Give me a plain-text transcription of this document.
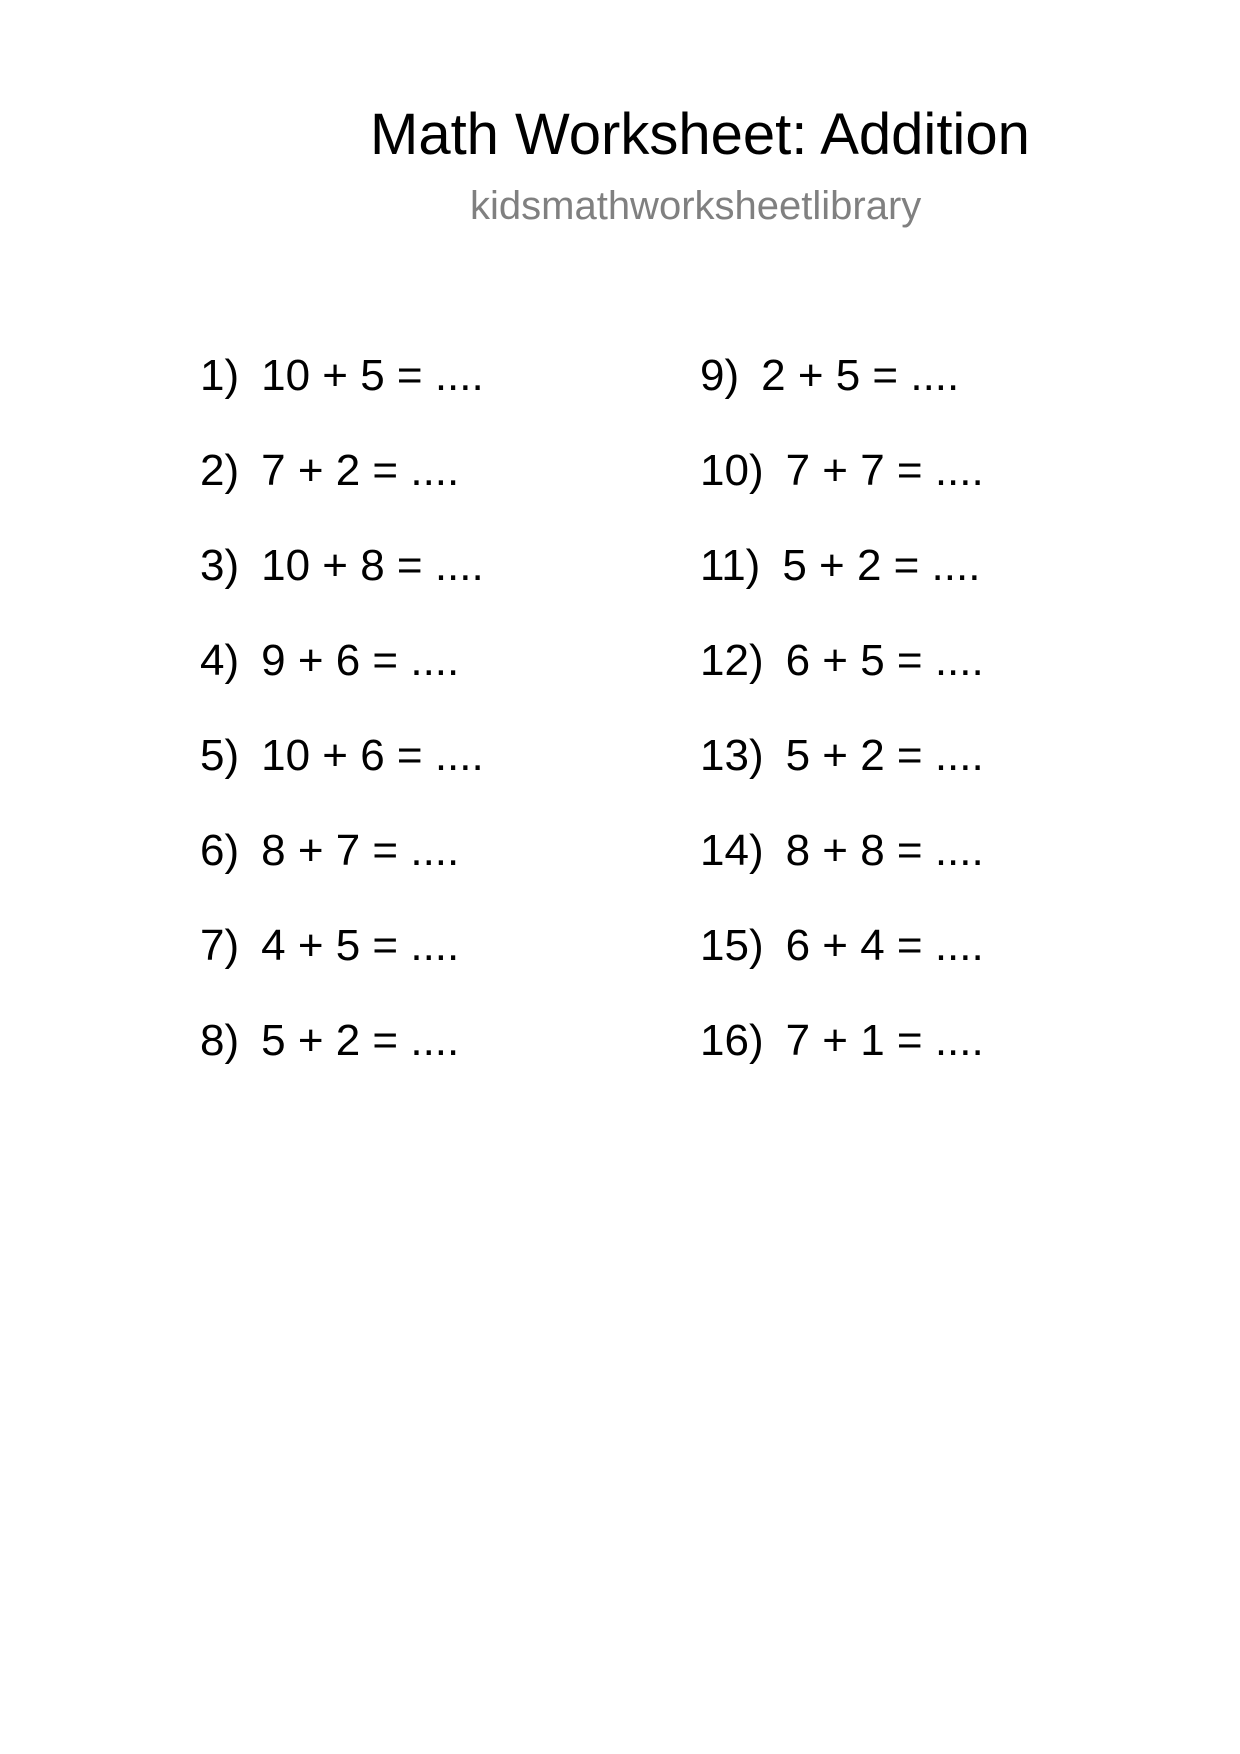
Math Worksheet: Addition
kidsmathworksheetlibrary
1) 10 + 5 = ....
2) 7 + 2 = ....
3) 10 + 8 = ....
4) 9 + 6 = ....
5) 10 + 6 = ....
6) 8 + 7 = ....
7) 4 + 5 = ....
8) 5 + 2 = ....
9) 2 + 5 = ....
10) 7 + 7 = ....
11) 5 + 2 = ....
12) 6 + 5 = ....
13) 5 + 2 = ....
14) 8 + 8 = ....
15) 6 + 4 = ....
16) 7 + 1 = ....
